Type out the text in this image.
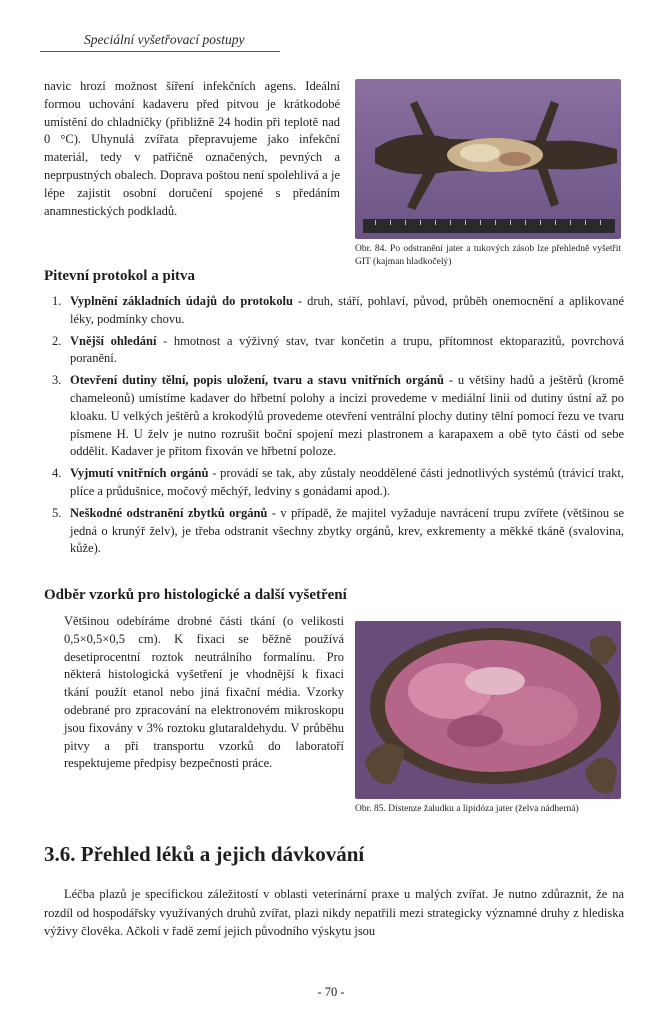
Speciální vyšetřovací postupy

navic hrozí možnost šíření infekčních agens. Ideální formou uchování kadaveru před pitvou je krátkodobé umístění do chladničky (přibližně 24 hodin při teplotě nad 0 °C). Uhynulá zvířata přepravujeme jako infekční materiál, tedy v patřičně označených, pevných a neprpustných obalech. Doprava poštou není spolehlivá a je lépe zajistit osobní doručení spojené s předáním anamnestických podkladů.

Obr. 84. Po odstranění jater a tukových zásob lze přehledně vyšetřit GIT (kajman hladkočelý)
Pitevní protokol a pitva
1. Vyplnění základních údajů do protokolu - druh, stáří, pohlaví, původ, průběh onemocnění a aplikované léky, podmínky chovu.
2. Vnější ohledání - hmotnost a výživný stav, tvar končetin a trupu, přítomnost ektoparazitů, povrchová poranění.
3. Otevření dutiny tělní, popis uložení, tvaru a stavu vnitřních orgánů - u většiny hadů a ještěrů (kromě chameleonů) umístíme kadaver do hřbetní polohy a incizi provedeme v mediální linii od dutiny ústní až po kloaku. U velkých ještěrů a krokodýlů provedeme otevření ventrální plochy dutiny tělní pomocí řezu ve tvaru písmene H. U želv je nutno rozrušit boční spojení mezi plastronem a karapaxem a obě tyto části od sebe oddělit. Kadaver je přitom fixován ve hřbetní poloze.
4. Vyjmutí vnitřních orgánů - provádí se tak, aby zůstaly neoddělené části jednotlivých systémů (trávicí trakt, plíce a průdušnice, močový měchýř, ledviny s gonádami apod.).
5. Neškodné odstranění zbytků orgánů - v případě, že majitel vyžaduje navrácení trupu zvířete (většinou se jedná o krunýř želv), je třeba odstranit všechny zbytky orgánů, krev, exkrementy a měkké tkáně (svalovina, kůže).
Odběr vzorků pro histologické a další vyšetření

Většinou odebíráme drobné části tkání (o velikosti 0,5×0,5×0,5 cm). K fixaci se běžně používá desetiprocentní roztok neutrálního formalínu. Pro některá histologická vyšetření je vhodnější k fixaci tkání použít etanol nebo jiná fixační média. Vzorky odebrané pro zpracování na elektronovém mikroskopu jsou fixovány v 3% roztoku glutaraldehydu. V průběhu pitvy a při transportu vzorků do laboratoří respektujeme předpisy bezpečnosti práce.

Obr. 85. Distenze žaludku a lipidóza jater (želva nádherná)
3.6. Přehled léků a jejich dávkování

Léčba plazů je specifickou záležitostí v oblasti veterinární praxe u malých zvířat. Je nutno zdůraznit, že na rozdíl od hospodářsky využívaných druhů zvířat, plazi nikdy nepatřili mezi strategicky významné druhy z hlediska výživy člověka. Ačkoli v řadě zemí jejich původního výskytu jsou

- 70 -
